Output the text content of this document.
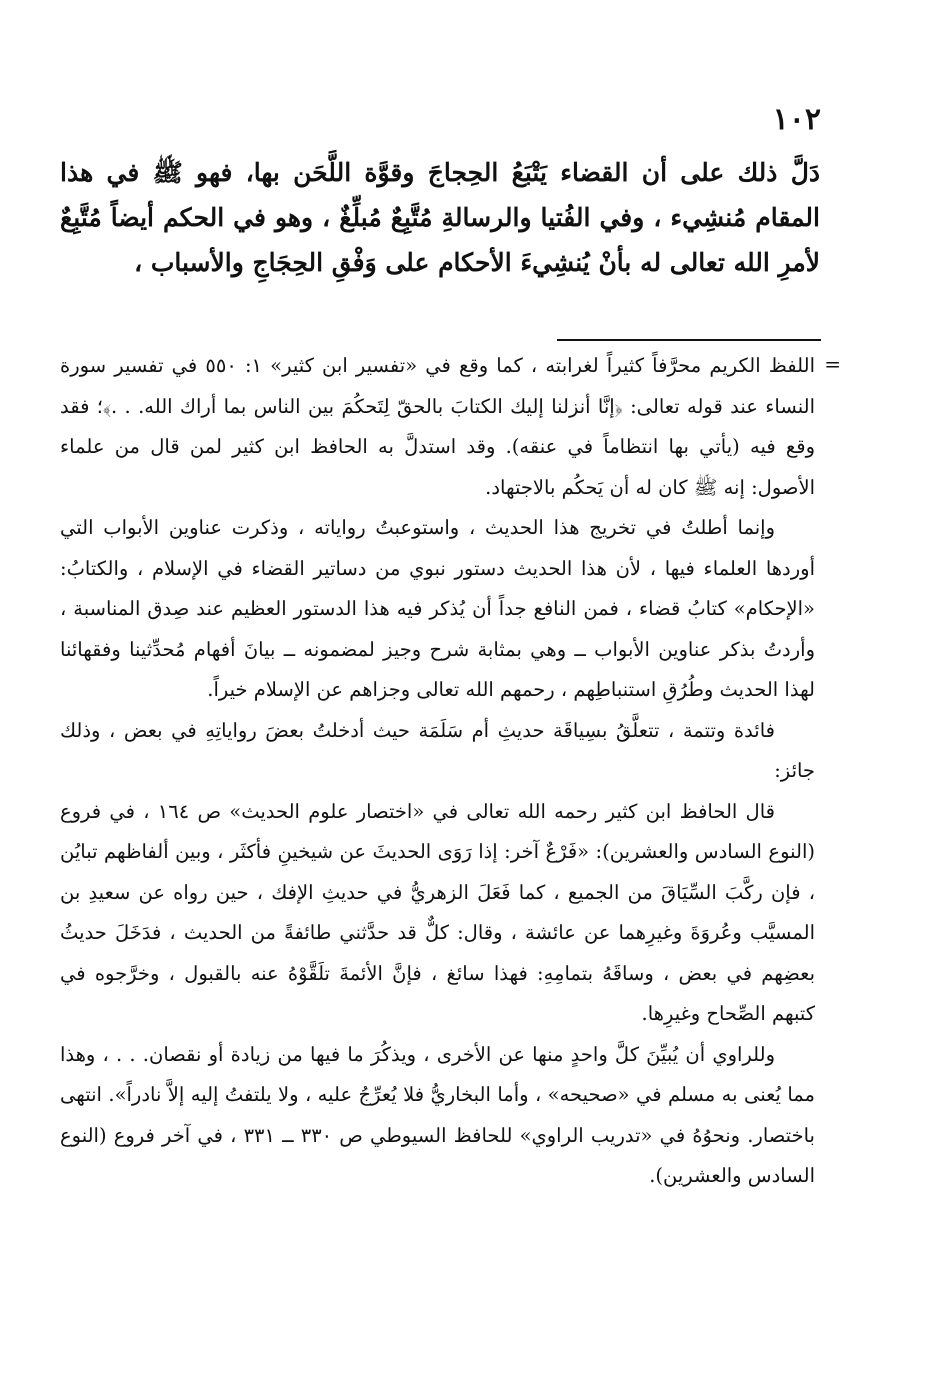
١٠٢

دَلَّ ذلك على أن القضاء يَتْبَعُ الحِجاجَ وقوَّة اللَّحَن بها، فهو ﷺ في هذا المقام مُنشِيء ، وفي الفُتيا والرسالةِ مُتَّبِعٌ مُبلِّغٌ ، وهو في الحكم أيضاً مُتَّبِعٌ لأمرِ الله تعالى له بأنْ يُنشِيءَ الأحكام على وَفْقِ الحِجَاجِ والأسباب ،

=

اللفظ الكريم محرَّفاً كثيراً لغرابته ، كما وقع في «تفسير ابن كثير» ١: ٥٥٠ في تفسير سورة النساء عند قوله تعالى: ﴿إنَّا أنزلنا إليك الكتابَ بالحقّ لِتَحكُمَ بين الناس بما أراك الله. . .﴾؛ فقد وقع فيه (يأتي بها انتظاماً في عنقه). وقد استدلَّ به الحافظ ابن كثير لمن قال من علماء الأصول: إنه ﷺ كان له أن يَحكُم بالاجتهاد.

وإنما أطلتُ في تخريج هذا الحديث ، واستوعبتُ رواياته ، وذكرت عناوين الأبواب التي أوردها العلماء فيها ، لأن هذا الحديث دستور نبوي من دساتير القضاء في الإسلام ، والكتابُ: «الإحكام» كتابُ قضاء ، فمن النافع جداً أن يُذكر فيه هذا الدستور العظيم عند صِدق المناسبة ، وأردتُ بذكر عناوين الأبواب ــ وهي بمثابة شرح وجيز لمضمونه ــ بيانَ أفهام مُحدِّثينا وفقهائنا لهذا الحديث وطُرُقِ استنباطِهم ، رحمهم الله تعالى وجزاهم عن الإسلام خيراً.

فائدة وتتمة ، تتعلَّقُ بسِياقَة حديثِ أم سَلَمَة حيث أدخلتُ بعضَ رواياتِهِ في بعض ، وذلك جائز:

قال الحافظ ابن كثير رحمه الله تعالى في «اختصار علوم الحديث» ص ١٦٤ ، في فروع (النوع السادس والعشرين): «فَرْعٌ آخر: إذا رَوَى الحديثَ عن شيخينِ فأكثَر ، وبين ألفاظهم تبايُن ، فإن ركَّبَ السِّيَاقَ من الجميع ، كما فَعَلَ الزهريُّ في حديثِ الإفك ، حين رواه عن سعيدِ بن المسيَّب وعُروَةَ وغيرِهما عن عائشة ، وقال: كلٌّ قد حدَّثني طائفةً من الحديث ، فدَخَلَ حديثُ بعضِهم في بعض ، وساقَهُ بتمامِهِ: فهذا سائغ ، فإنَّ الأئمةَ تلَقَّوْهُ عنه بالقبول ، وخرَّجوه في كتبهم الصِّحاح وغيرِها.

وللراوي أن يُبيِّنَ كلَّ واحدٍ منها عن الأخرى ، ويذكُرَ ما فيها من زيادة أو نقصان. . . ، وهذا مما يُعنى به مسلم في «صحيحه» ، وأما البخاريُّ فلا يُعرِّجُ عليه ، ولا يلتفتُ إليه إلاَّ نادراً». انتهى باختصار. ونحوُهُ في «تدريب الراوي» للحافظ السيوطي ص ٣٣٠ ــ ٣٣١ ، في آخر فروع (النوع السادس والعشرين).
